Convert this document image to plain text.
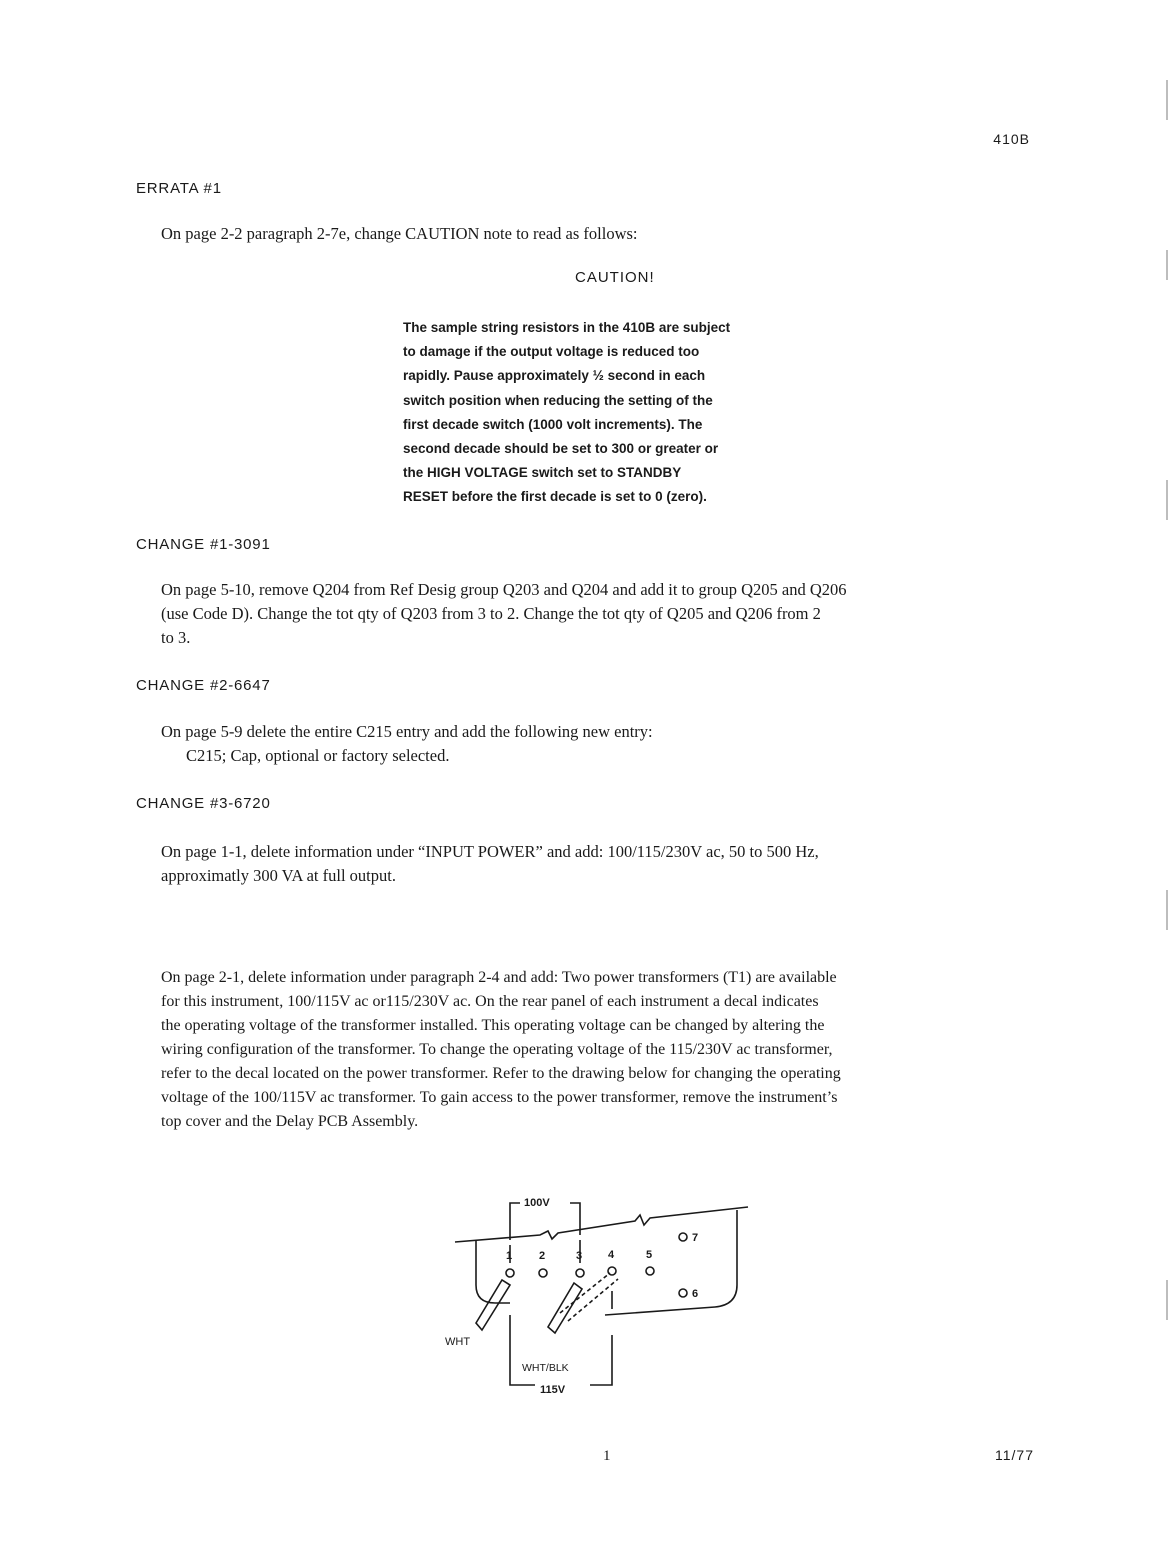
410B
ERRATA #1
On page 2-2 paragraph 2-7e, change CAUTION note to read as follows:
CAUTION!
The sample string resistors in the 410B are subject
to damage if the output voltage is reduced too
rapidly. Pause approximately ½ second in each
switch position when reducing the setting of the
first decade switch (1000 volt increments). The
second decade should be set to 300 or greater or
the HIGH VOLTAGE switch set to STANDBY
RESET before the first decade is set to 0 (zero).
CHANGE #1-3091
On page 5-10, remove Q204 from Ref Desig group Q203 and Q204 and add it to group Q205 and Q206
(use Code D). Change the tot qty of Q203 from 3 to 2. Change the tot qty of Q205 and Q206 from 2
to 3.
CHANGE #2-6647
On page 5-9 delete the entire C215 entry and add the following new entry:
C215; Cap, optional or factory selected.
CHANGE #3-6720
On page 1-1, delete information under “INPUT POWER” and add: 100/115/230V ac, 50 to 500 Hz,
approximatly 300 VA at full output.
On page 2-1, delete information under paragraph 2-4 and add: Two power transformers (T1) are available
for this instrument, 100/115V ac or115/230V ac. On the rear panel of each instrument a decal indicates
the operating voltage of the transformer installed. This operating voltage can be changed by altering the
wiring configuration of the transformer. To change the operating voltage of the 115/230V ac transformer,
refer to the decal located on the power transformer. Refer to the drawing below for changing the operating
voltage of the 100/115V ac transformer. To gain access to the power transformer, remove the instrument’s
top cover and the Delay PCB Assembly.
100V
115V
WHT
WHT/BLK
1 2	3 4	5
7
6
1	11/77
